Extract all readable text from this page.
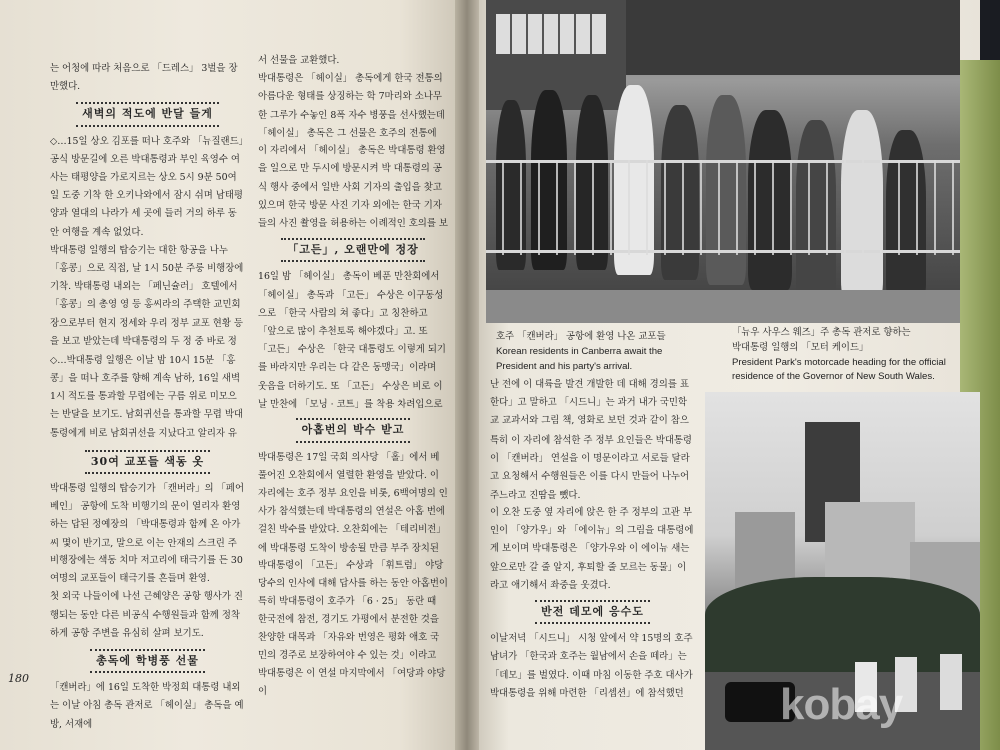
는 어청에 따라 처음으로 「드레스」 3벌을 장만했다.

새벽의 적도에 반달 들게

◇…15일 상오 김포를 떠나 호주와 「뉴질랜드」공식 방문길에 오른 박대통령과 부인 육영수 여사는 태평양을 가로지르는 상오 5시 9분 50여일 도중 기착 한 오키나와에서 잠시 쉬며 남태평양과 열대의 나라가 세 곳에 들러 거의 하루 동안 여행을 계속 없었다.

박대통령 일행의 탑승기는 대한 항공을 나누 「홍콩」으로 직접, 날 1시 50분 주룽 비행장에 기착. 박태통령 내외는 「페닌슐러」 호텔에서 「홍콩」의 총영 영 등 홍씨라의 주택한 교민회장으로부터 현지 정세와 우리 정부 교포 현황 등을 보고 받았는데 박대통령의 두 정 중 바로 정

◇…박대통령 일행은 이날 밤 10시 15분 「홍콩」을 떠나 호주를 향해 계속 남하, 16일 새벽 1시 적도를 통과할 무렵에는 구름 위로 미모으는 반달을 보기도. 남회귀선을 통과할 무렵 박대통령에게 비로 남회귀선을 지났다고 알리자 유

30여 교포들 색동 옷

박대통령 일행의 탑승기가 「캔버라」의 「페어베인」 공항에 도착 비행기의 문이 열리자 환영하는 답된 정예장의 「박대통령과 함께 온 아가씨 몇이 반기고, 말으로 이는 안재의 스크린 주

비행장에는 색동 치마 저고리에 태극기를 든 30여명의 교포들이 태극기를 흔들며 환영.

첫 외국 나들이에 나선 근혜양은 공항 행사가 진행되는 동안 다른 비공식 수행원들과 함께 정착하게 공항 주변을 유심히 살펴 보기도.

총독에 학병풍 선물

「캔버라」에 16일 도착한 박정희 대통령 내외는 이날 아침 총독 관저로 「헤이실」 총독을 예방, 서재에

서 선물을 교환했다.

박대통령은 「헤이실」 총독에게 한국 전통의 아름다운 형태를 상징하는 학 7마리와 소나무 한 그루가 수놓인 8폭 자수 병풍을 선사했는데 「헤이실」 총독은 그 선물은 호주의 전통에

이 자리에서 「헤이실」 총독은 박대통령 환영을 일으로 만 두시에 방문시켜 박 대통령의 공식 행사 중에서 일반 사회 기자의 출입을 찾고 있으며 한국 방문 사진 기자 외에는 한국 기자들의 사진 촬영을 허용하는 이례적인 호의를 보

「고든」, 오랜만에 정장

16일 밤 「헤이실」 총독이 베푼 만찬회에서 「헤이실」 총독과 「고든」 수상은 이구동성으로 「한국 사람의 쳐 좋다」고 칭찬하고 「앞으로 많이 추천토록 해야겠다」고. 또 「고든」 수상은 「한국 대통령도 이렇게 되기를 바라지만 우리는 다 같은 동맹국」이라며 웃음을 더하기도. 또 「고든」 수상은 비로 이날 만찬에 「모닝 · 코트」를 착용 차려입으로

아홉번의 박수 받고

박대통령은 17일 국회 의사당 「홀」에서 베풀어진 오찬회에서 열렬한 환영을 받았다. 이 자리에는 호주 정부 요인을 비롯, 6백여명의 인사가 참석했는데 박대통령의 연설은 아홉 번에 걸친 박수를 받았다. 오찬회에는 「테리비전」에 박대통령 도착이 방송될 만큼 부주 장치된

박대통령이 「고든」 수상과 「휘트럼」 야당 당수의 인사에 대해 답사를 하는 동안 아홉번이

특히 박대통령이 호주가 「6 · 25」 동란 때 한국전에 참전, 경기도 가평에서 분전한 것을 찬양한 대목과 「자유와 번영은 평화 애호 국민의 경주로 보장하여야 수 있는 것」이라고

박대통령은 이 연설 마지막에서 「여당과 야당이

180
호주 「캔버라」 공항에 환영 나온 교포들
Korean residents in Canberra await the
President and his party's arrival.
「뉴우 사우스 웨즈」주 총독 관저로 향하는
박대통령 일행의 「모터 케이드」
President Park's motorcade heading for the official
residence of the Governor of New South Wales.

난 전에 이 대륙을 발견 개발한 데 대해 경의를 표한다」고 말하고 「시드니」는 과거 내가 국민학교 교과서와 그림 책, 영화로 보던 것과 같이 참으

특히 이 자리에 참석한 주 정부 요인들은 박대통령이 「캔버라」 연설을 이 명문이라고 서로들 달라고 요청해서 수행원들은 이를 다시 만들어 나누어 주느라고 진땀을 뺐다.

이 오찬 도중 옆 자리에 앉은 한 주 정부의 고관 부인이 「양가우」와 「에이뉴」의 그림을 대통령에게 보이며 박대통령은 「양가우와 이 에이뉴 새는 앞으로만 갈 줄 알지, 후퇴할 줄 모르는 동물」이라고 애기해서 좌중을 웃겼다.

반전 데모에 응수도

이날저녁 「시드니」 시청 앞에서 약 15명의 호주 남녀가 「한국과 호주는 월남에서 손을 떼라」는 「데모」를 벌였다. 이때 마침 이동한 주호 대사가 박대통령을 위해 마련한 「리셉션」에 참석했던 kobay
